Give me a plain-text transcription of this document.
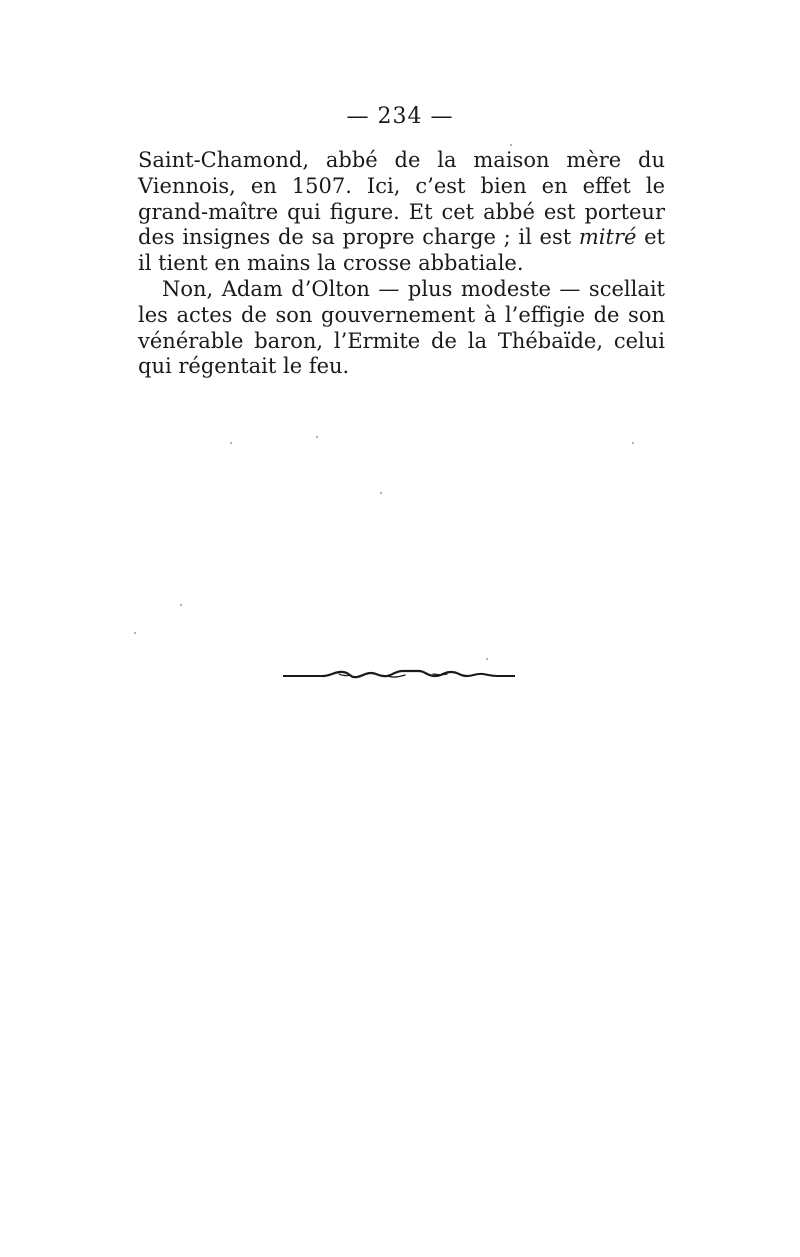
— 234 —

Saint-Chamond, abbé de la maison mère du Viennois, en 1507. Ici, c’est bien en effet le grand-maître qui figure. Et cet abbé est porteur des insignes de sa propre charge ; il est mitré et il tient en mains la crosse abbatiale.

Non, Adam d’Olton — plus modeste — scellait les actes de son gouvernement à l’effigie de son vénérable baron, l’Ermite de la Thébaïde, celui qui régentait le feu.
